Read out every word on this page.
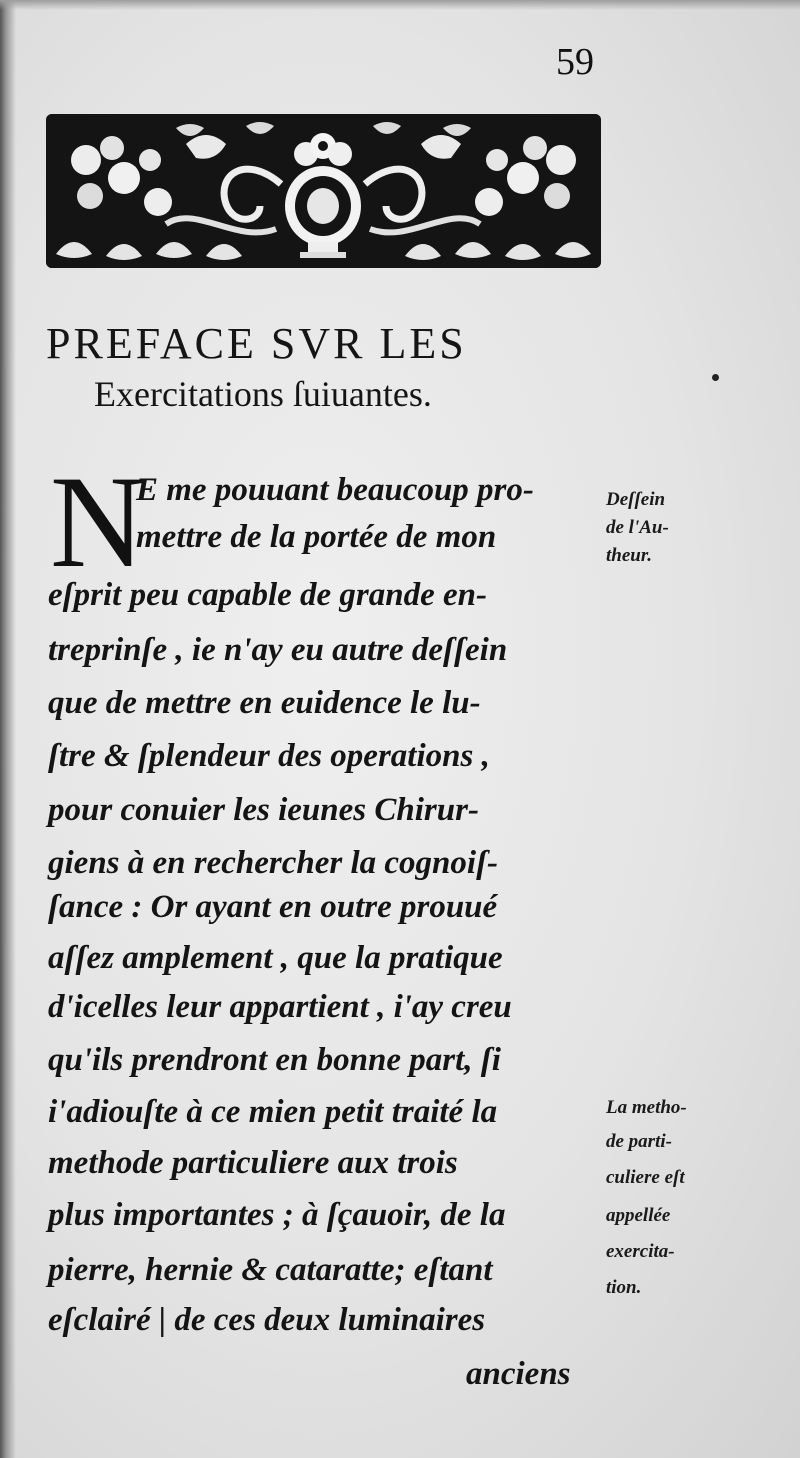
59
PREFACE SVR LES
Exercitations ſuiuantes.
N
E me pouuant beaucoup pro-
mettre de la portée de mon
eſprit peu capable de grande en-
treprinſe , ie n'ay eu autre deſſein
que de mettre en euidence le lu-
ſtre & ſplendeur des operations ,
pour conuier les ieunes Chirur-
giens à en rechercher la cognoiſ-
ſance : Or ayant en outre prouué
aſſez amplement , que la pratique
d'icelles leur appartient , i'ay creu
qu'ils prendront en bonne part, ſi
i'adiouſte à ce mien petit traité la
methode particuliere aux trois
plus importantes ; à ſçauoir, de la
pierre, hernie & cataratte; eſtant
eſclairé | de ces deux luminaires
anciens
Deſſein
de l'Au-
theur.
La metho-
de parti-
culiere eſt
appellée
exercita-
tion.
